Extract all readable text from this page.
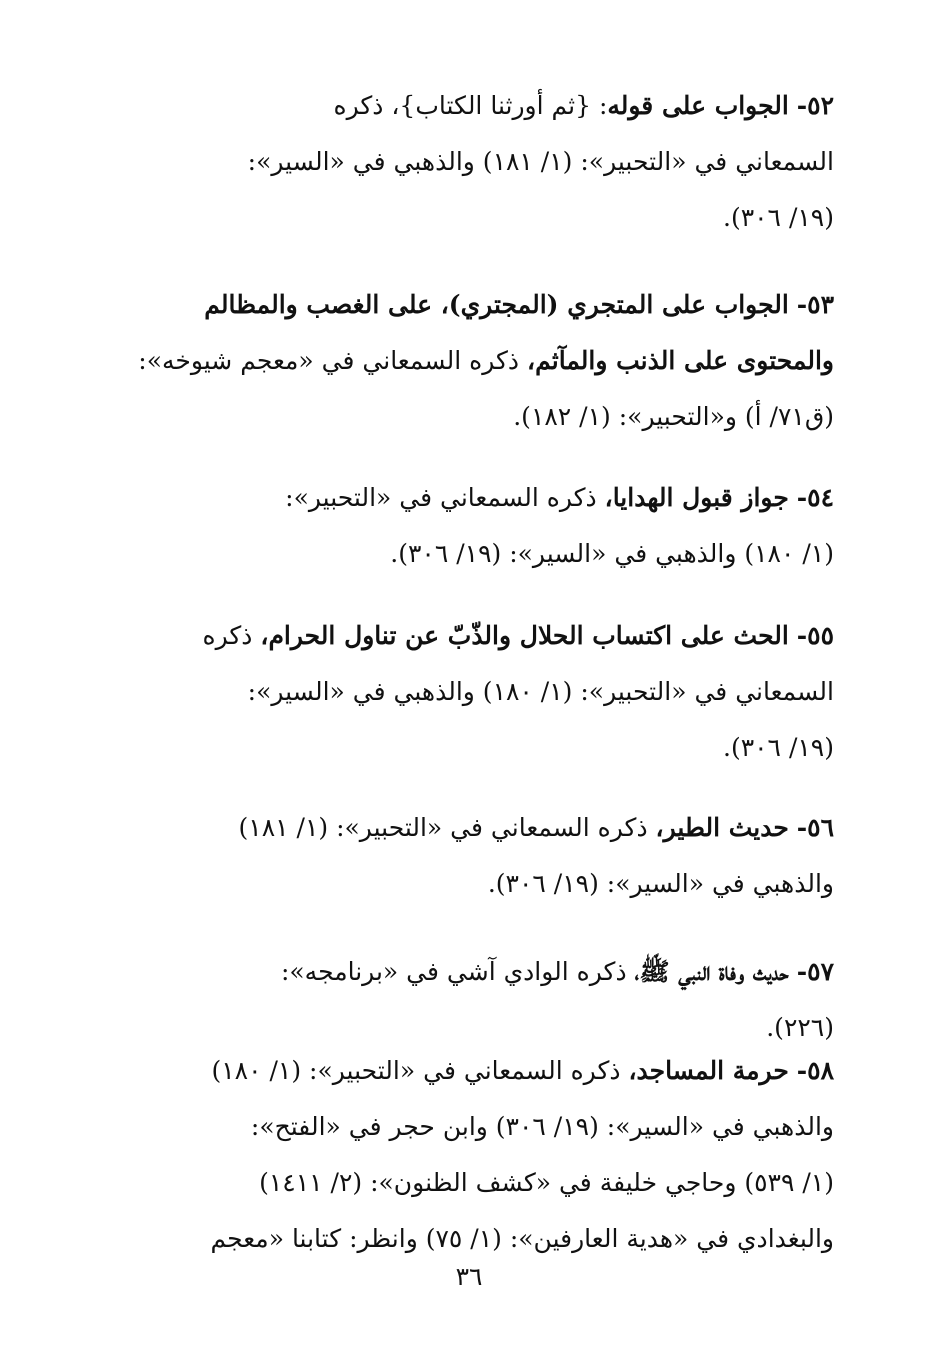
٥٢- الجواب على قوله: {ثم أورثنا الكتاب}، ذكره
السمعاني في «التحبير»: (١/ ١٨١) والذهبي في «السير»:
(١٩/ ٣٠٦).
٥٣- الجواب على المتجري (المجتري)، على الغصب والمظالم
والمحتوى على الذنب والمآثم، ذكره السمعاني في «معجم شيوخه»:
(ق٧١/ أ) و«التحبير»: (١/ ١٨٢).
٥٤- جواز قبول الهدايا، ذكره السمعاني في «التحبير»:
(١/ ١٨٠) والذهبي في «السير»: (١٩/ ٣٠٦).
٥٥- الحث على اكتساب الحلال والذّبّ عن تناول الحرام، ذكره
السمعاني في «التحبير»: (١/ ١٨٠) والذهبي في «السير»:
(١٩/ ٣٠٦).
٥٦- حديث الطير، ذكره السمعاني في «التحبير»: (١/ ١٨١)
والذهبي في «السير»: (١٩/ ٣٠٦).
٥٧- حديث وفاة النبي ﷺ، ذكره الوادي آشي في «برنامجه»:
(٢٢٦).
٥٨- حرمة المساجد، ذكره السمعاني في «التحبير»: (١/ ١٨٠)
والذهبي في «السير»: (١٩/ ٣٠٦) وابن حجر في «الفتح»:
(١/ ٥٣٩) وحاجي خليفة في «كشف الظنون»: (٢/ ١٤١١)
والبغدادي في «هدية العارفين»: (١/ ٧٥) وانظر: كتابنا «معجم
٣٦
